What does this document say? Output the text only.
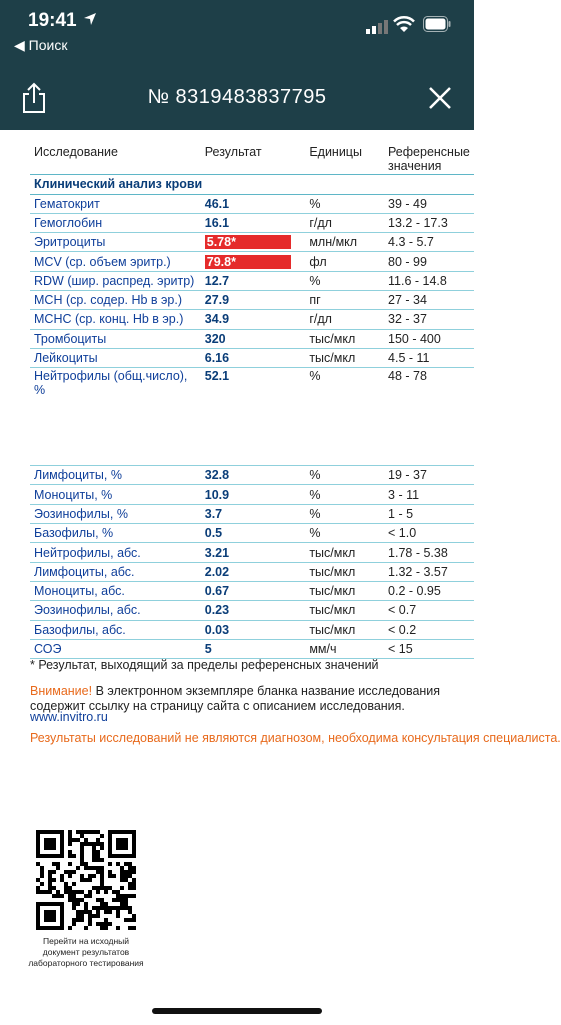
19:41
◀ Поиск
№ 8319483837795
Исследование	Результат	Единицы	Референсные значения
Клинический анализ крови			
Гематокрит	46.1	%	39 - 49
Гемоглобин	16.1	г/дл	13.2 - 17.3
Эритроциты	5.78*	млн/мкл	4.3 - 5.7
MCV (ср. объем эритр.)	79.8*	фл	80 - 99
RDW (шир. распред. эритр)	12.7	%	11.6 - 14.8
MCH (ср. содер. Hb в эр.)	27.9	пг	27 - 34
MCHC (ср. конц. Hb в эр.)	34.9	г/дл	32 - 37
Тромбоциты	320	тыс/мкл	150 - 400
Лейкоциты	6.16	тыс/мкл	4.5 - 11
Нейтрофилы (общ.число),
%	52.1	%	48 - 78

Лимфоциты, %	32.8	%	19 - 37
Моноциты, %	10.9	%	3 - 11
Эозинофилы, %	3.7	%	1 - 5
Базофилы, %	0.5	%	< 1.0
Нейтрофилы, абс.	3.21	тыс/мкл	1.78 - 5.38
Лимфоциты, абс.	2.02	тыс/мкл	1.32 - 3.57
Моноциты, абс.	0.67	тыс/мкл	0.2 - 0.95
Эозинофилы, абс.	0.23	тыс/мкл	< 0.7
Базофилы, абс.	0.03	тыс/мкл	< 0.2
СОЭ	5	мм/ч	< 15
* Результат, выходящий за пределы референсных значений
Внимание! В электронном экземпляре бланка название исследования содержит ссылку на страницу сайта с описанием исследования.
www.invitro.ru
Результаты исследований не являются диагнозом, необходима консультация специалиста.
Перейти на исходный документ результатов лабораторного тестирования
